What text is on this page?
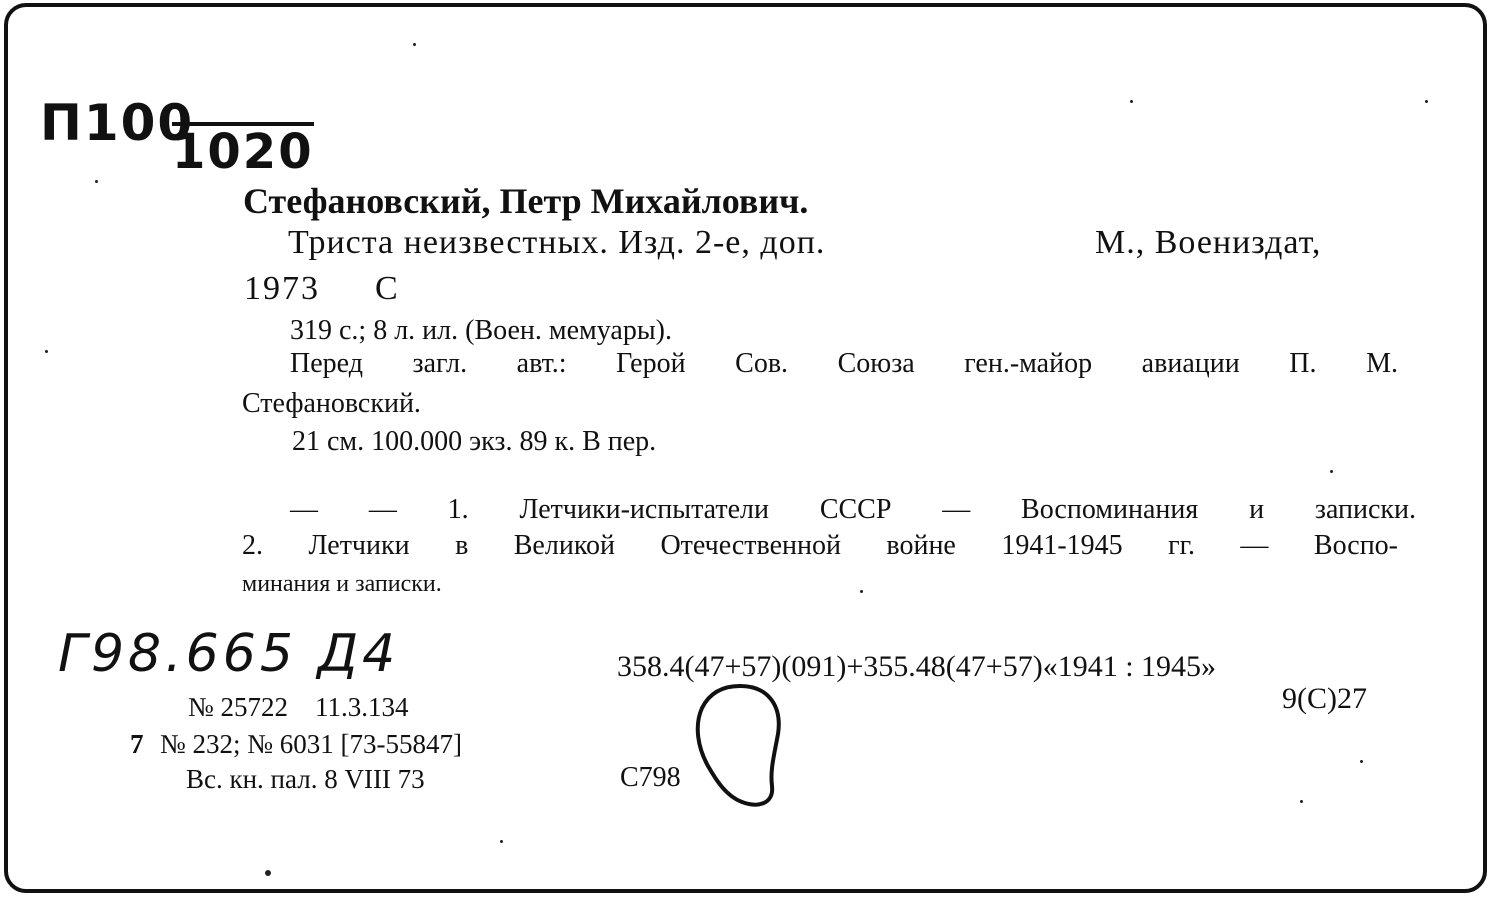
П100
1020
Стефановский, Петр Михайлович.
Триста неизвестных. Изд. 2-е, доп.	М., Воениздат,
1973 С
319 с.; 8 л. ил. (Воен. мемуары).
Перед загл. авт.: Герой Сов. Союза ген.-майор авиации П. М.
Стефановский.
21 см. 100.000 экз. 89 к. В пер.
— — 1. Летчики-испытатели СССР — Воспоминания и записки.
2. Летчики в Великой Отечественной войне 1941-1945 гг. — Воспо-
минания и записки.
Г98.665 Д4	358.4(47+57)(091)+355.48(47+57)«1941 : 1945»
9(С)27
№ 25722    11.3.134
7 № 232; № 6031 [73-55847]
Вс. кн. пал. 8 VIII 73	С798
